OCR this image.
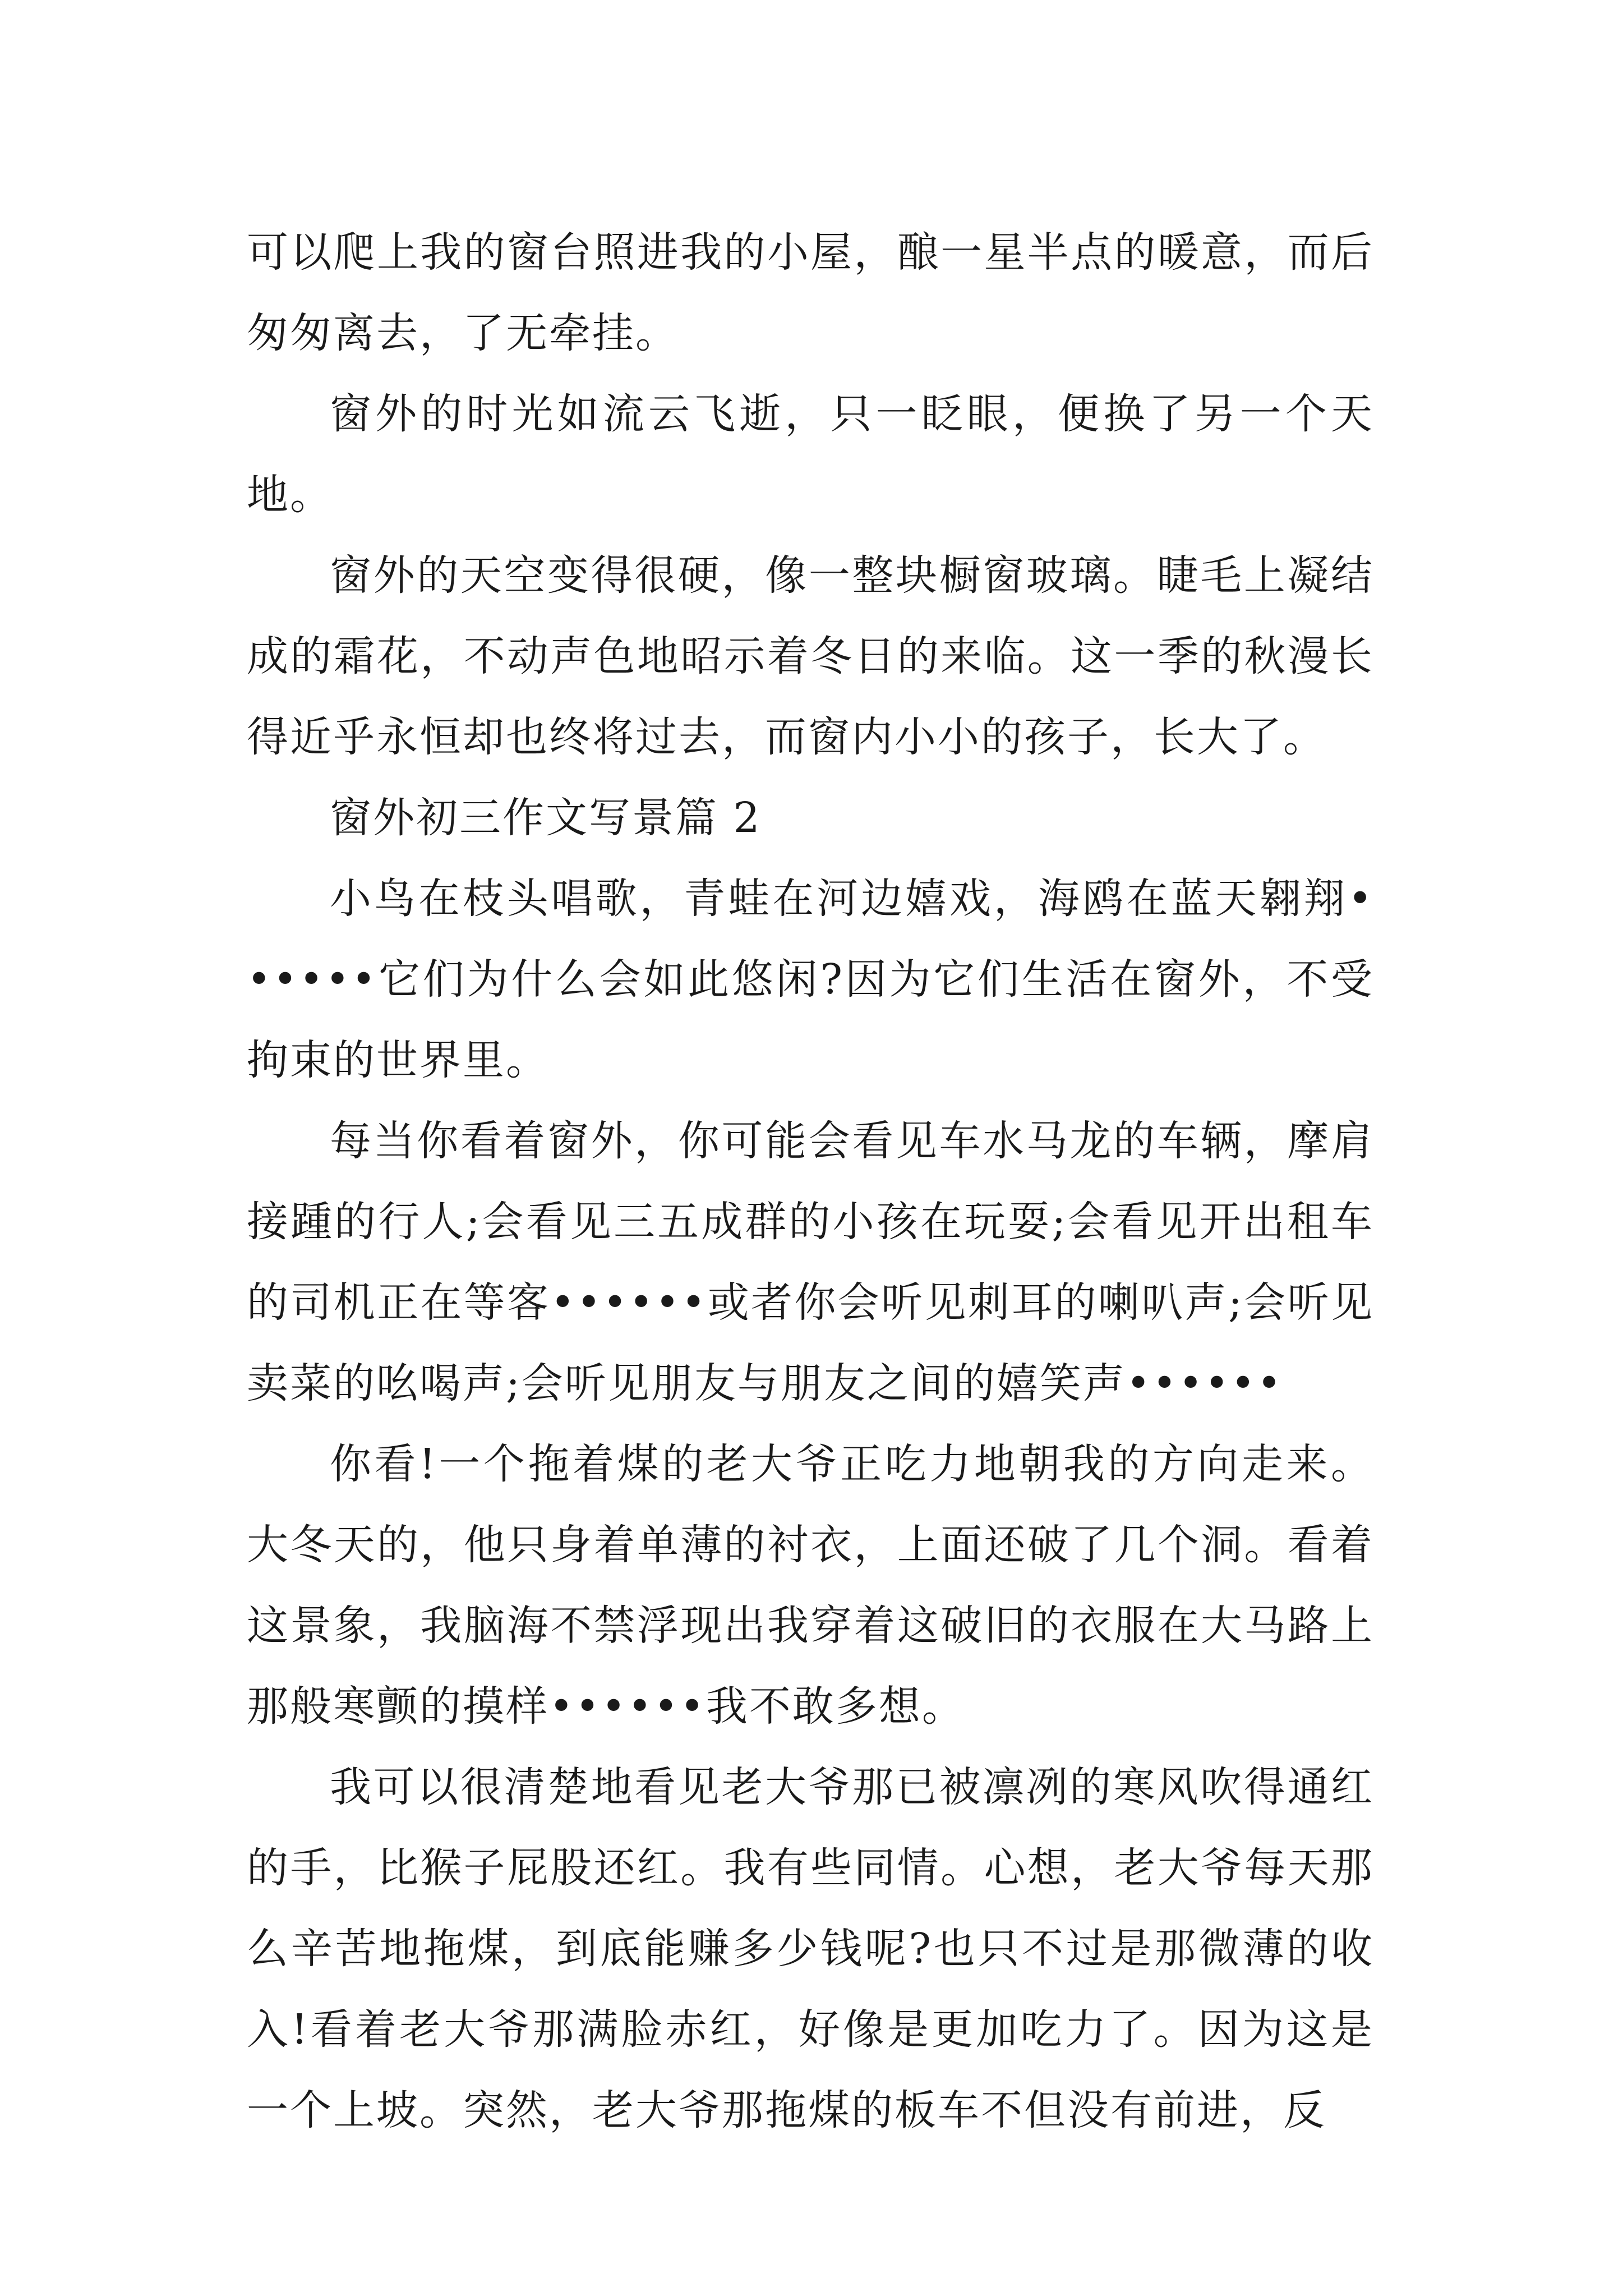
可以爬上我的窗台照进我的小屋，酿一星半点的暖意，而后匆匆离去，了无牵挂。

窗外的时光如流云飞逝，只一眨眼，便换了另一个天地。

窗外的天空变得很硬，像一整块橱窗玻璃。睫毛上凝结成的霜花，不动声色地昭示着冬日的来临。这一季的秋漫长得近乎永恒却也终将过去，而窗内小小的孩子，长大了。

窗外初三作文写景篇 2

小鸟在枝头唱歌，青蛙在河边嬉戏，海鸥在蓝天翱翔••••••它们为什么会如此悠闲?因为它们生活在窗外，不受拘束的世界里。

每当你看着窗外，你可能会看见车水马龙的车辆，摩肩接踵的行人;会看见三五成群的小孩在玩耍;会看见开出租车的司机正在等客••••••或者你会听见刺耳的喇叭声;会听见卖菜的吆喝声;会听见朋友与朋友之间的嬉笑声••••••

你看!一个拖着煤的老大爷正吃力地朝我的方向走来。大冬天的，他只身着单薄的衬衣，上面还破了几个洞。看着这景象，我脑海不禁浮现出我穿着这破旧的衣服在大马路上那般寒颤的摸样••••••我不敢多想。

我可以很清楚地看见老大爷那已被凛冽的寒风吹得通红的手，比猴子屁股还红。我有些同情。心想，老大爷每天那么辛苦地拖煤，到底能赚多少钱呢?也只不过是那微薄的收入!看着老大爷那满脸赤红，好像是更加吃力了。因为这是一个上坡。突然，老大爷那拖煤的板车不但没有前进，反
